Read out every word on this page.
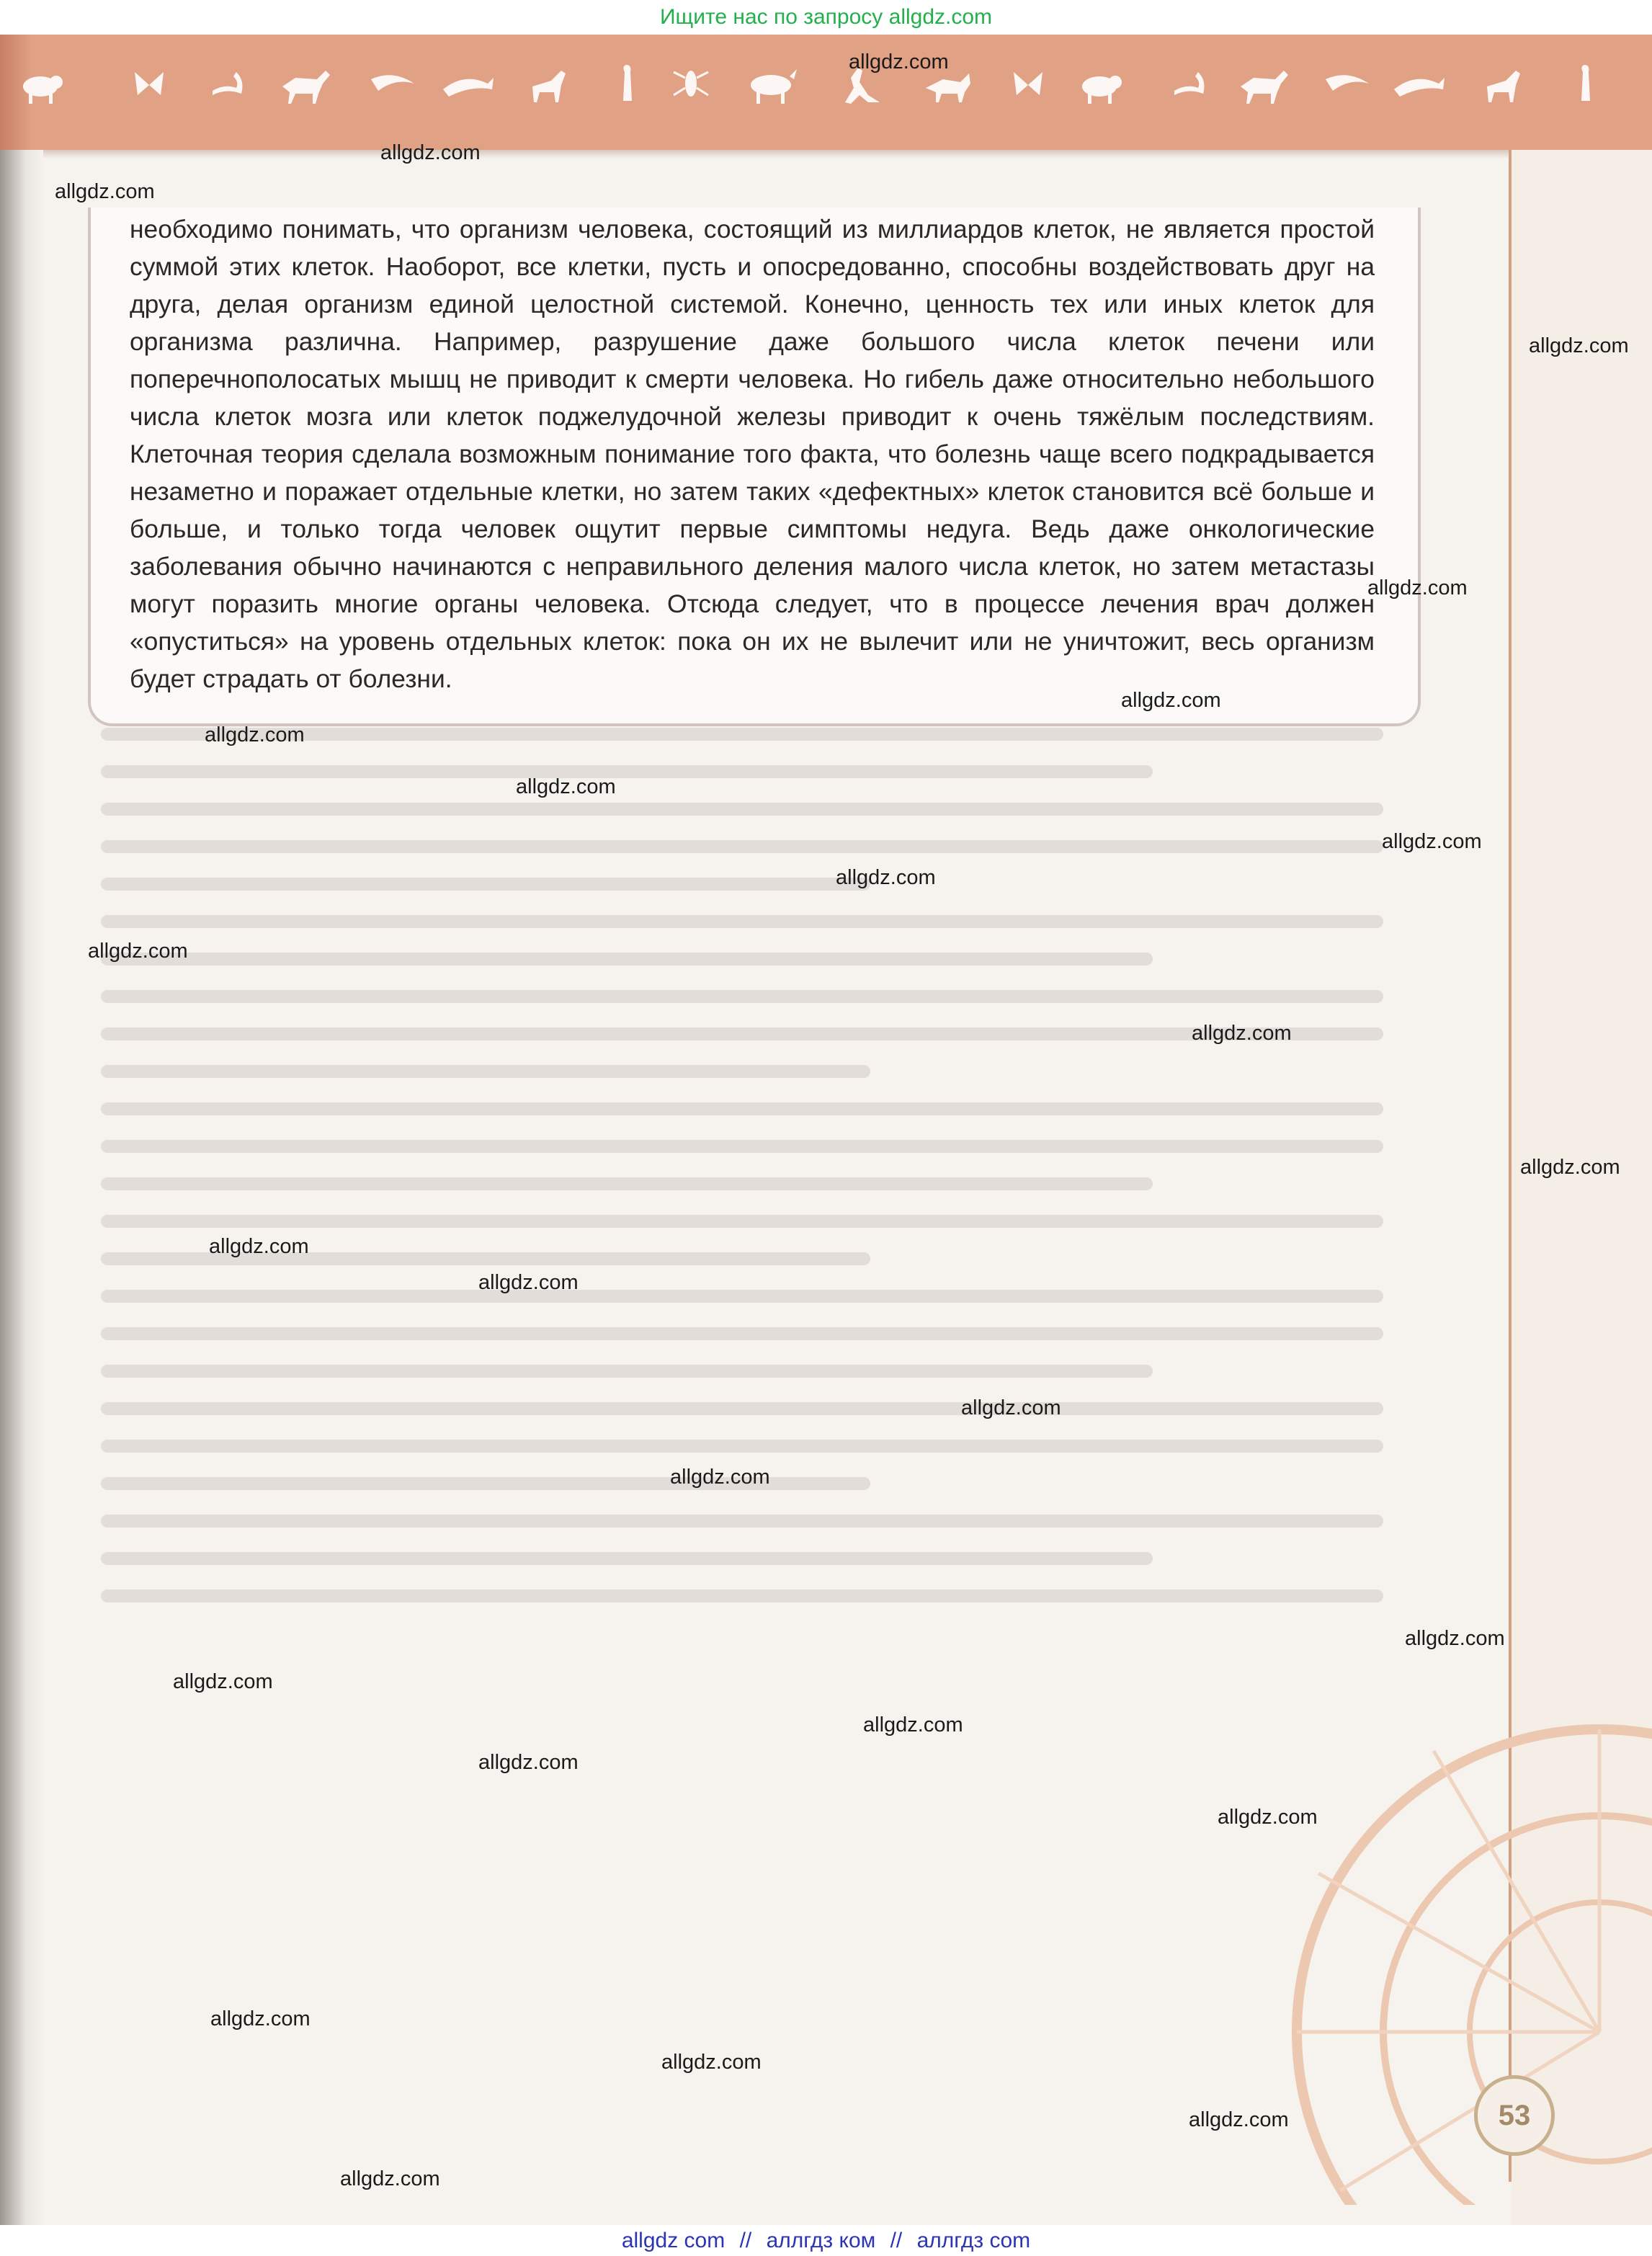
Ищите нас по запросу allgdz.com

необходимо понимать, что организм человека, состоящий из миллиардов клеток, не является простой суммой этих клеток. Наоборот, все клетки, пусть и опосредованно, способны воздействовать друг на друга, делая организм единой целостной системой. Конечно, ценность тех или иных клеток для организма различна. Например, разрушение даже большого числа клеток печени или поперечнополосатых мышц не приводит к смерти человека. Но гибель даже относительно небольшого числа клеток мозга или клеток поджелудочной железы приводит к очень тяжёлым последствиям. Клеточная теория сделала возможным понимание того факта, что болезнь чаще всего подкрадывается незаметно и поражает отдельные клетки, но затем таких «дефектных» клеток становится всё больше и больше, и только тогда человек ощутит первые симптомы недуга. Ведь даже онкологические заболевания обычно начинаются с неправильного деления малого числа клеток, но затем метастазы могут поразить многие органы человека. Отсюда следует, что в процессе лечения врач должен «опуститься» на уровень отдельных клеток: пока он их не вылечит или не уничтожит, весь организм будет страдать от болезни.

53
allgdz.com
allgdz.com
allgdz.com
allgdz.com
allgdz.com
allgdz.com
allgdz.com
allgdz.com
allgdz.com
allgdz.com
allgdz.com
allgdz.com
allgdz.com
allgdz.com
allgdz.com
allgdz.com
allgdz.com
allgdz.com
allgdz.com
allgdz.com
allgdz.com
allgdz.com
allgdz.com
allgdz.com
allgdz.com
allgdz.com
allgdz com // аллгдз ком // аллгдз com
